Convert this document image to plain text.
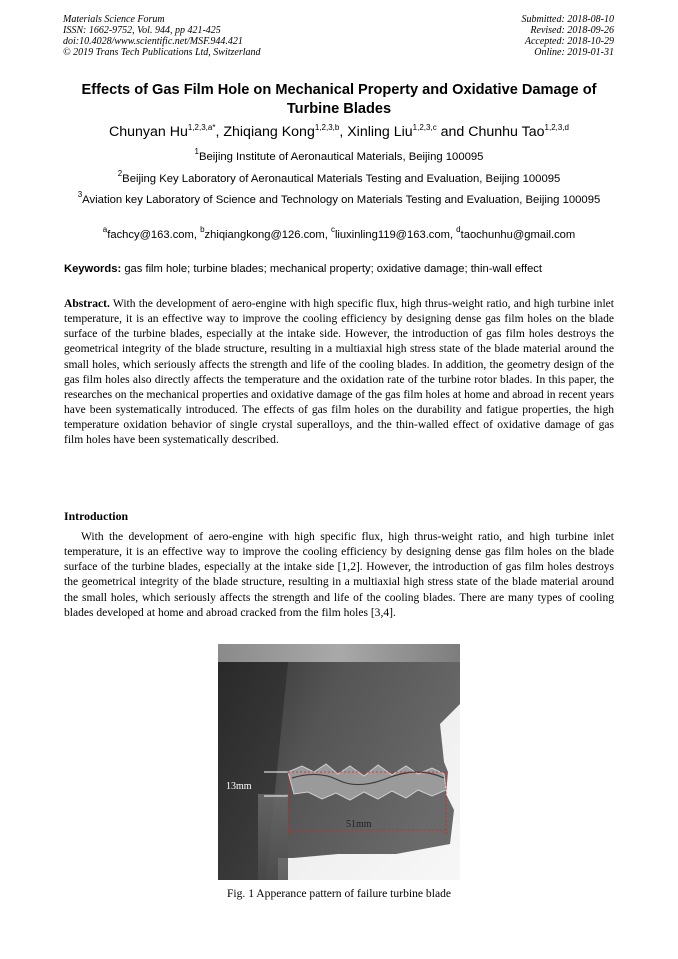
Materials Science Forum
ISSN: 1662-9752, Vol. 944, pp 421-425
doi:10.4028/www.scientific.net/MSF.944.421
© 2019 Trans Tech Publications Ltd, Switzerland
Submitted: 2018-08-10
Revised: 2018-09-26
Accepted: 2018-10-29
Online: 2019-01-31
Effects of Gas Film Hole on Mechanical Property and Oxidative Damage of Turbine Blades
Chunyan $Hu^{1,2,3,a*}$, Zhiqiang Kong$^{1,2,3,b}$, Xinling Liu$^{1,2,3,c}$ and Chunhu Tao$^{1,2,3,d}$
$^1$Beijing Institute of Aeronautical Materials, Beijing 100095
$^2$Beijing Key Laboratory of Aeronautical Materials Testing and Evaluation, Beijing 100095
$^3$Aviation key Laboratory of Science and Technology on Materials Testing and Evaluation, Beijing 100095
$^a$fachcy@163.com, $^b$zhiqiangkong@126.com, $^c$liuxinling119@163.com, $^d$taochunhu@gmail.com
Keywords: gas film hole; turbine blades; mechanical property; oxidative damage; thin-wall effect
Abstract. With the development of aero-engine with high specific flux, high thrus-weight ratio, and high turbine inlet temperature, it is an effective way to improve the cooling efficiency by designing dense gas film holes on the blade surface of the turbine blades, especially at the intake side. However, the introduction of gas film holes destroys the geometrical integrity of the blade structure, resulting in a multiaxial high stress state of the blade material around the small holes, which seriously affects the strength and life of the cooling blades. In addition, the geometry design of the gas film holes also directly affects the temperature and the oxidation rate of the turbine rotor blades. In this paper, the researches on the mechanical properties and oxidative damage of the gas film holes at home and abroad in recent years have been systematically introduced. The effects of gas film holes on the durability and fatigue properties, the high temperature oxidation behavior of single crystal superalloys, and the thin-walled effect of oxidative damage of gas film holes have been systematically described.
Introduction
With the development of aero-engine with high specific flux, high thrus-weight ratio, and high turbine inlet temperature, it is an effective way to improve the cooling efficiency by designing dense gas film holes on the blade surface of the turbine blades, especially at the intake side [1,2]. However, the introduction of gas film holes destroys the geometrical integrity of the blade structure, resulting in a multiaxial high stress state of the blade material around the small holes, which seriously affects the strength and life of the cooling blades. There are many types of cooling blades developed at home and abroad cracked from the film holes [3,4].
13mm
51mm
Fig. 1 Apperance pattern of failure turbine blade
